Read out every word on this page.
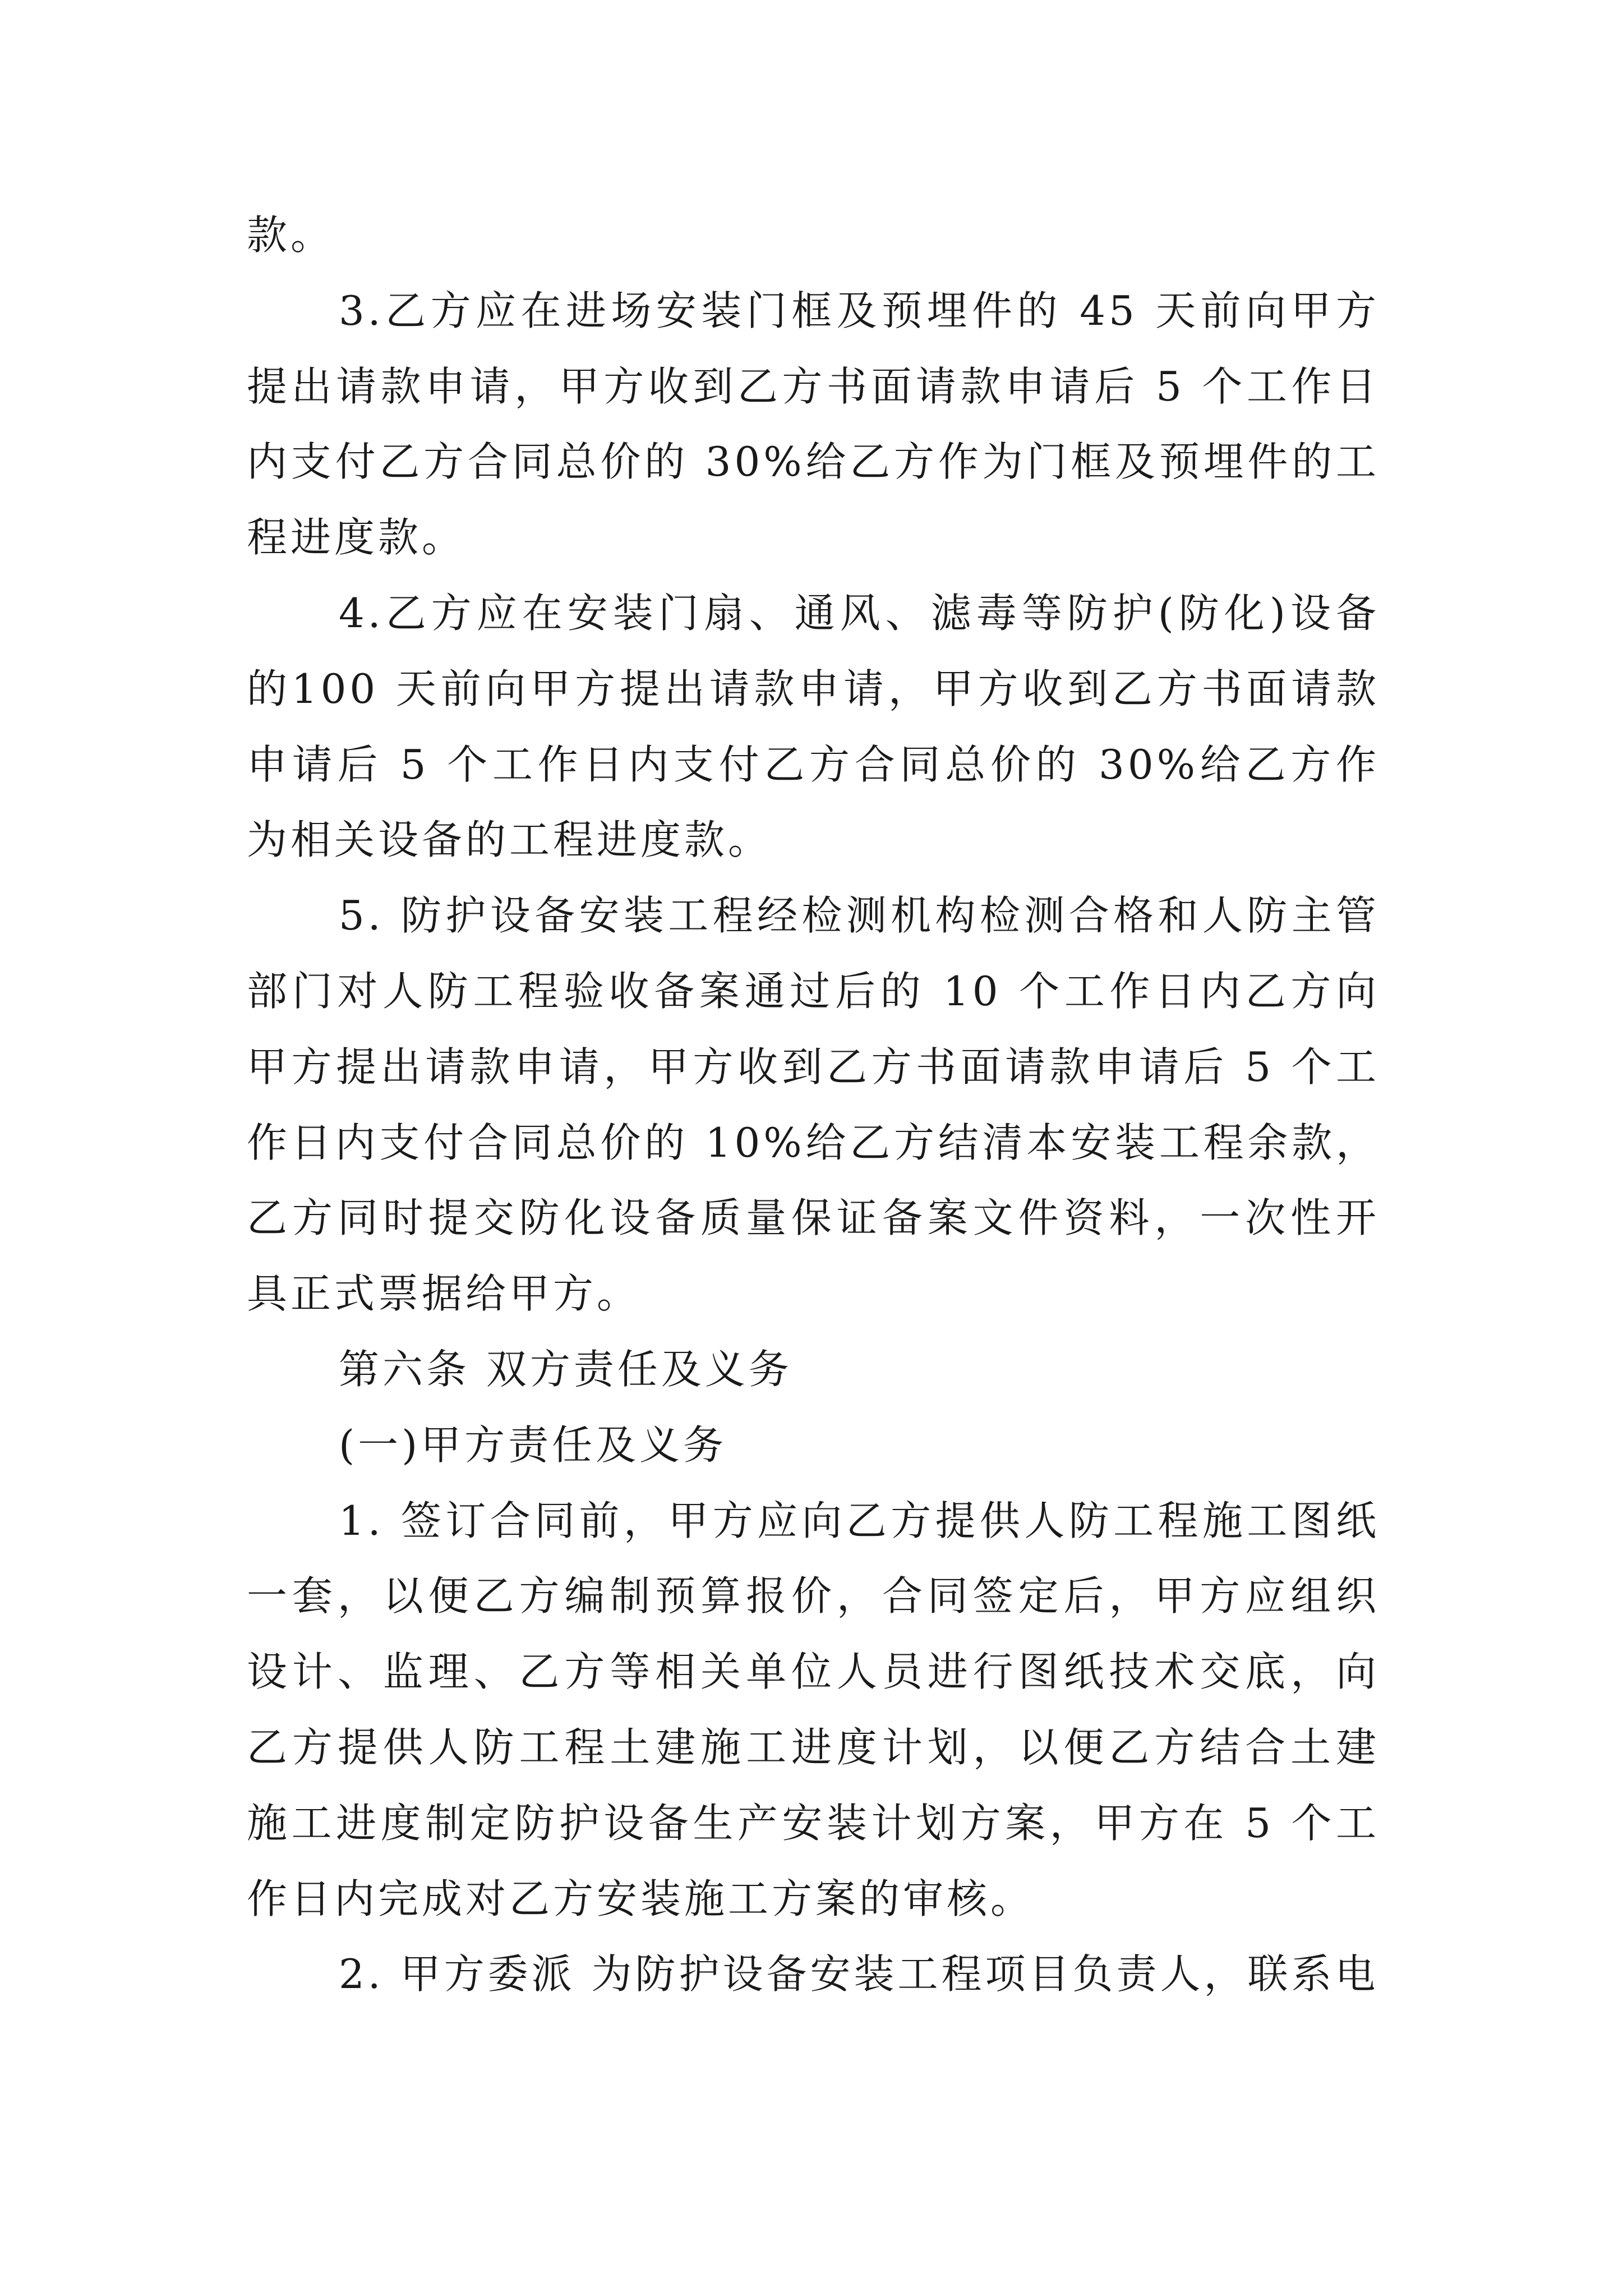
款。

3.乙方应在进场安装门框及预埋件的 45 天前向甲方提出请款申请，甲方收到乙方书面请款申请后 5 个工作日内支付乙方合同总价的 30%给乙方作为门框及预埋件的工程进度款。

4.乙方应在安装门扇、通风、滤毒等防护(防化)设备的100 天前向甲方提出请款申请，甲方收到乙方书面请款申请后 5 个工作日内支付乙方合同总价的 30%给乙方作为相关设备的工程进度款。

5. 防护设备安装工程经检测机构检测合格和人防主管部门对人防工程验收备案通过后的 10 个工作日内乙方向甲方提出请款申请，甲方收到乙方书面请款申请后 5 个工作日内支付合同总价的 10%给乙方结清本安装工程余款，乙方同时提交防化设备质量保证备案文件资料，一次性开具正式票据给甲方。

第六条 双方责任及义务

(一)甲方责任及义务

1. 签订合同前，甲方应向乙方提供人防工程施工图纸一套，以便乙方编制预算报价，合同签定后，甲方应组织设计、监理、乙方等相关单位人员进行图纸技术交底，向乙方提供人防工程土建施工进度计划，以便乙方结合土建施工进度制定防护设备生产安装计划方案，甲方在 5 个工作日内完成对乙方安装施工方案的审核。

2. 甲方委派 为防护设备安装工程项目负责人，联系电
